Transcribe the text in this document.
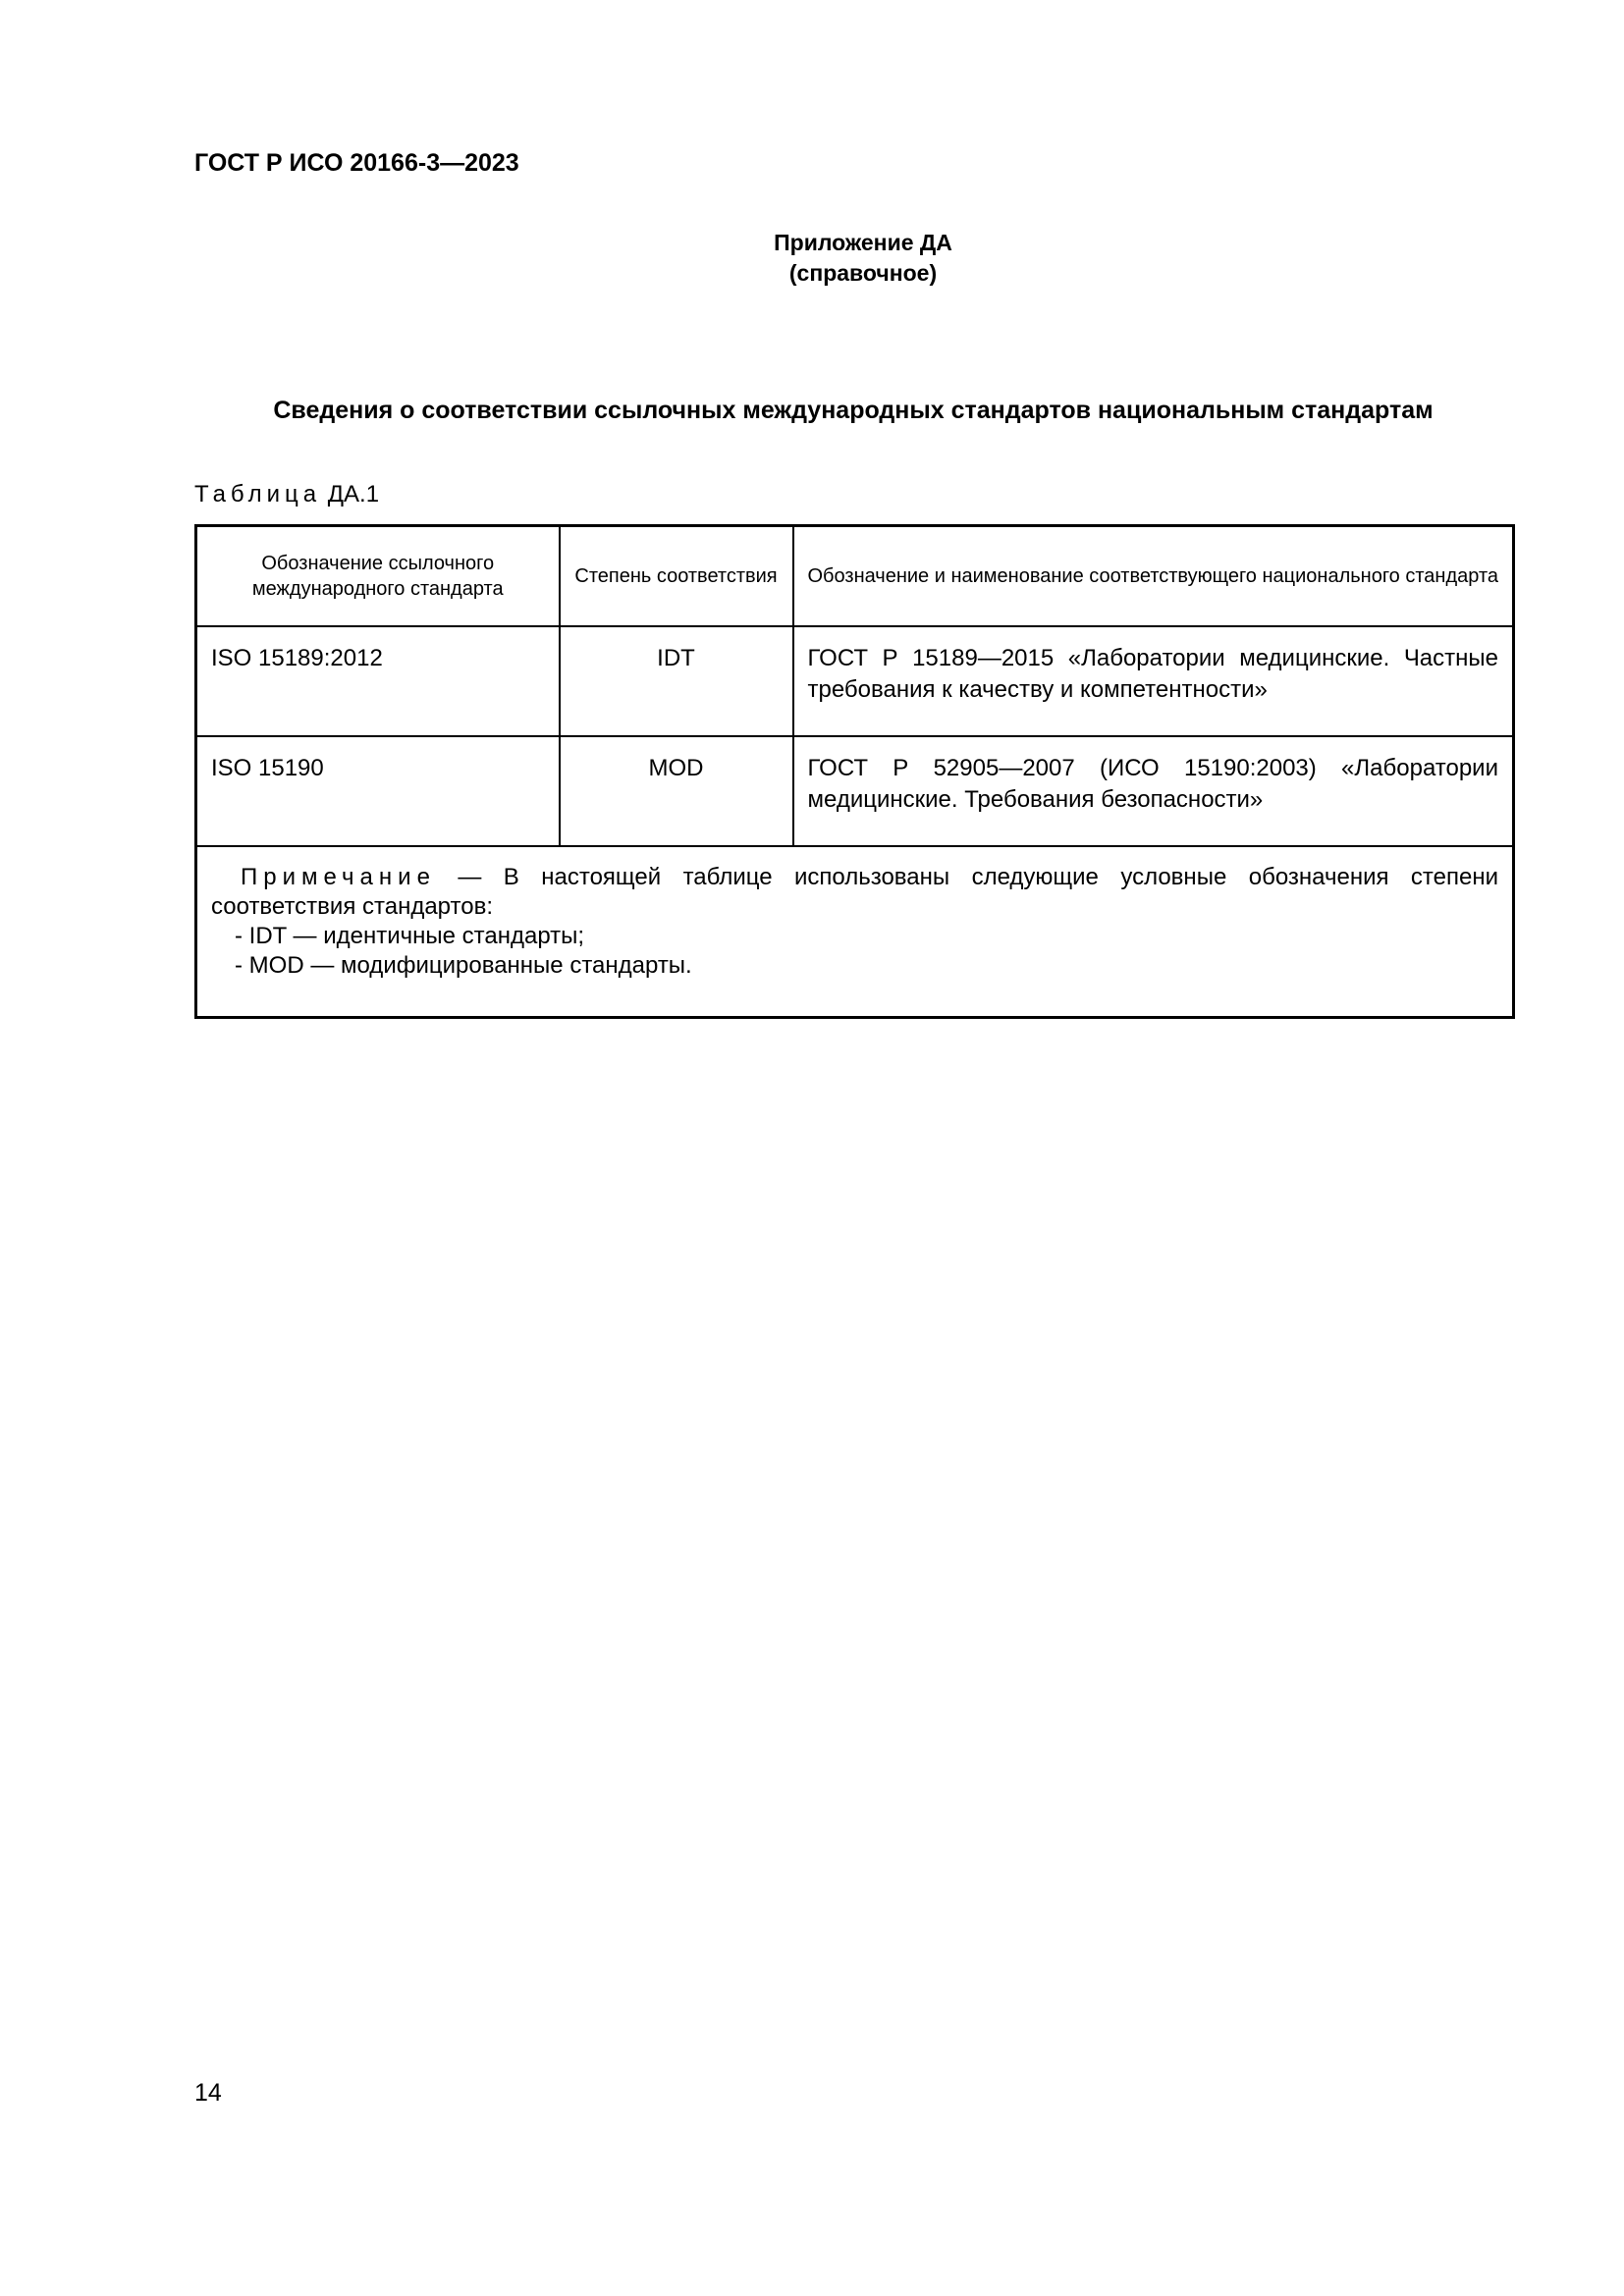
ГОСТ Р ИСО 20166-3—2023
Приложение ДА
(справочное)
Сведения о соответствии ссылочных международных стандартов национальным стандартам
Таблица ДА.1
Обозначение ссылочного международного стандарта	Степень соответствия	Обозначение и наименование соответствующего национального стандарта
ISO 15189:2012	IDT	ГОСТ Р 15189—2015 «Лаборатории медицинские. Частные требования к качеству и компетентности»
ISO 15190	MOD	ГОСТ Р 52905—2007 (ИСО 15190:2003) «Лаборатории медицинские. Требования безопасности»

Примечание — В настоящей таблице использованы следующие условные обозначения степени соответствия стандартов:
- IDT — идентичные стандарты;
- MOD — модифицированные стандарты.		
14
